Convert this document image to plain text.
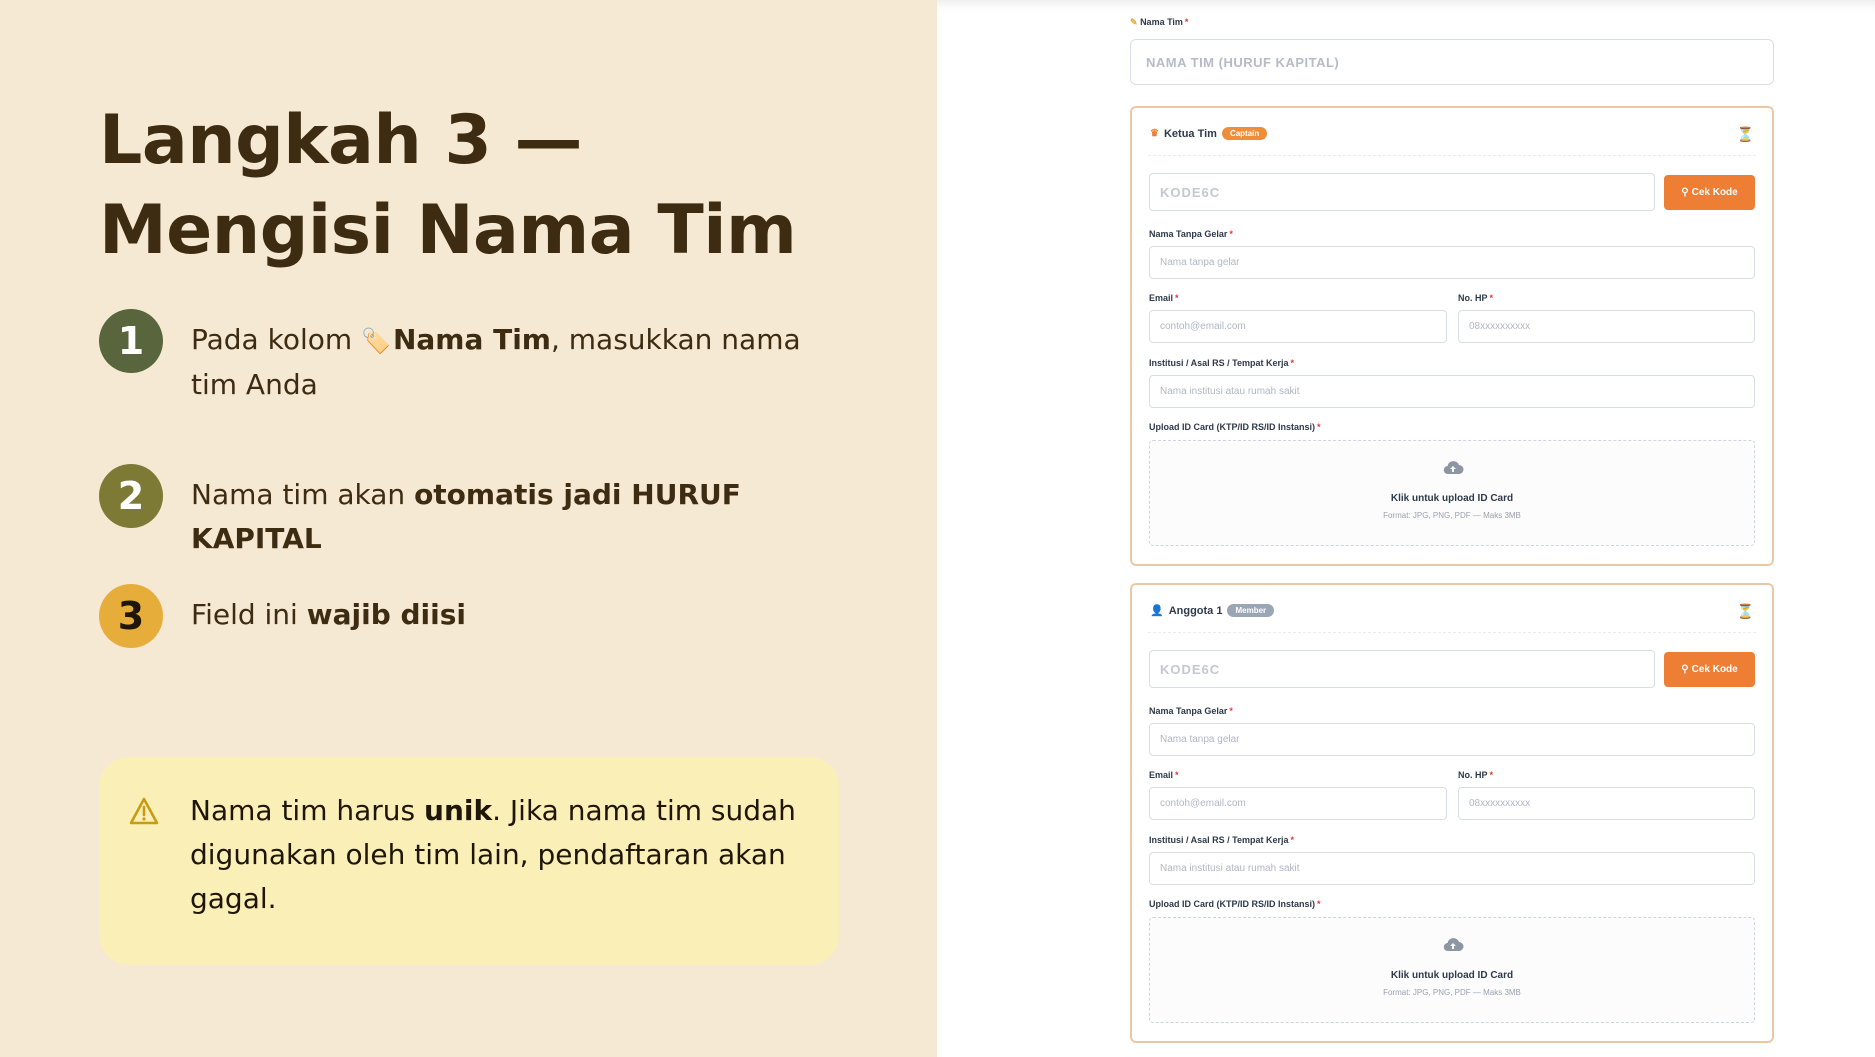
Langkah 3 — Mengisi Nama Tim
1	Pada kolom 🏷️Nama Tim, masukkan nama tim Anda
2	Nama tim akan otomatis jadi HURUF KAPITAL
3	Field ini wajib diisi
Nama tim harus unik. Jika nama tim sudah digunakan oleh tim lain, pendaftaran akan gagal.
✎ Nama Tim *
NAMA TIM (HURUF KAPITAL)
♛ Ketua Tim	Captain	⏳
KODE6C	⚲ Cek Kode
Nama Tanpa Gelar *
Nama tanpa gelar
Email *
contoh@email.com
No. HP *
08xxxxxxxxxx
Institusi / Asal RS / Tempat Kerja *
Nama institusi atau rumah sakit
Upload ID Card (KTP/ID RS/ID Instansi) *
Klik untuk upload ID Card
Format: JPG, PNG, PDF — Maks 3MB
👤 Anggota 1	Member	⏳
KODE6C	⚲ Cek Kode
Nama Tanpa Gelar *
Nama tanpa gelar
Email *
contoh@email.com
No. HP *
08xxxxxxxxxx
Institusi / Asal RS / Tempat Kerja *
Nama institusi atau rumah sakit
Upload ID Card (KTP/ID RS/ID Instansi) *
Klik untuk upload ID Card
Format: JPG, PNG, PDF — Maks 3MB
